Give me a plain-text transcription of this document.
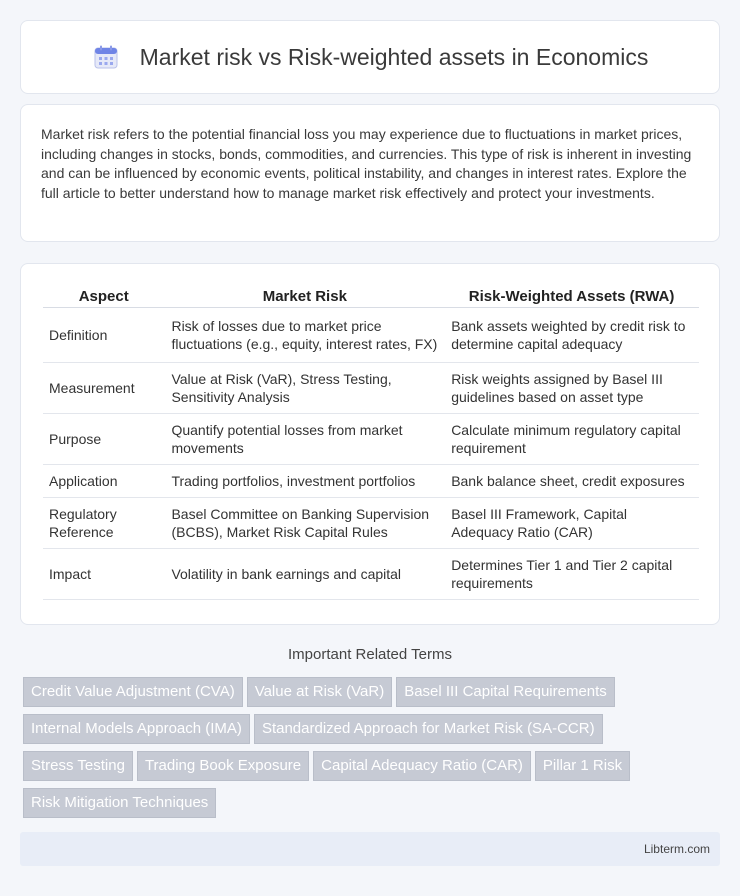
Market risk vs Risk-weighted assets in Economics

Market risk refers to the potential financial loss you may experience due to fluctuations in market prices, including changes in stocks, bonds, commodities, and currencies. This type of risk is inherent in investing and can be influenced by economic events, political instability, and changes in interest rates. Explore the full article to better understand how to manage market risk effectively and protect your investments.

Aspect	Market Risk	Risk-Weighted Assets (RWA)
Definition	Risk of losses due to market price fluctuations (e.g., equity, interest rates, FX)	Bank assets weighted by credit risk to determine capital adequacy
Measurement	Value at Risk (VaR), Stress Testing, Sensitivity Analysis	Risk weights assigned by Basel III guidelines based on asset type
Purpose	Quantify potential losses from market movements	Calculate minimum regulatory capital requirement
Application	Trading portfolios, investment portfolios	Bank balance sheet, credit exposures
Regulatory Reference	Basel Committee on Banking Supervision (BCBS), Market Risk Capital Rules	Basel III Framework, Capital Adequacy Ratio (CAR)
Impact	Volatility in bank earnings and capital	Determines Tier 1 and Tier 2 capital requirements
Important Related Terms
Credit Value Adjustment (CVA) Value at Risk (VaR) Basel III Capital Requirements
Internal Models Approach (IMA) Standardized Approach for Market Risk (SA-CCR)
Stress Testing Trading Book Exposure Capital Adequacy Ratio (CAR) Pillar 1 Risk
Risk Mitigation Techniques
Libterm.com
